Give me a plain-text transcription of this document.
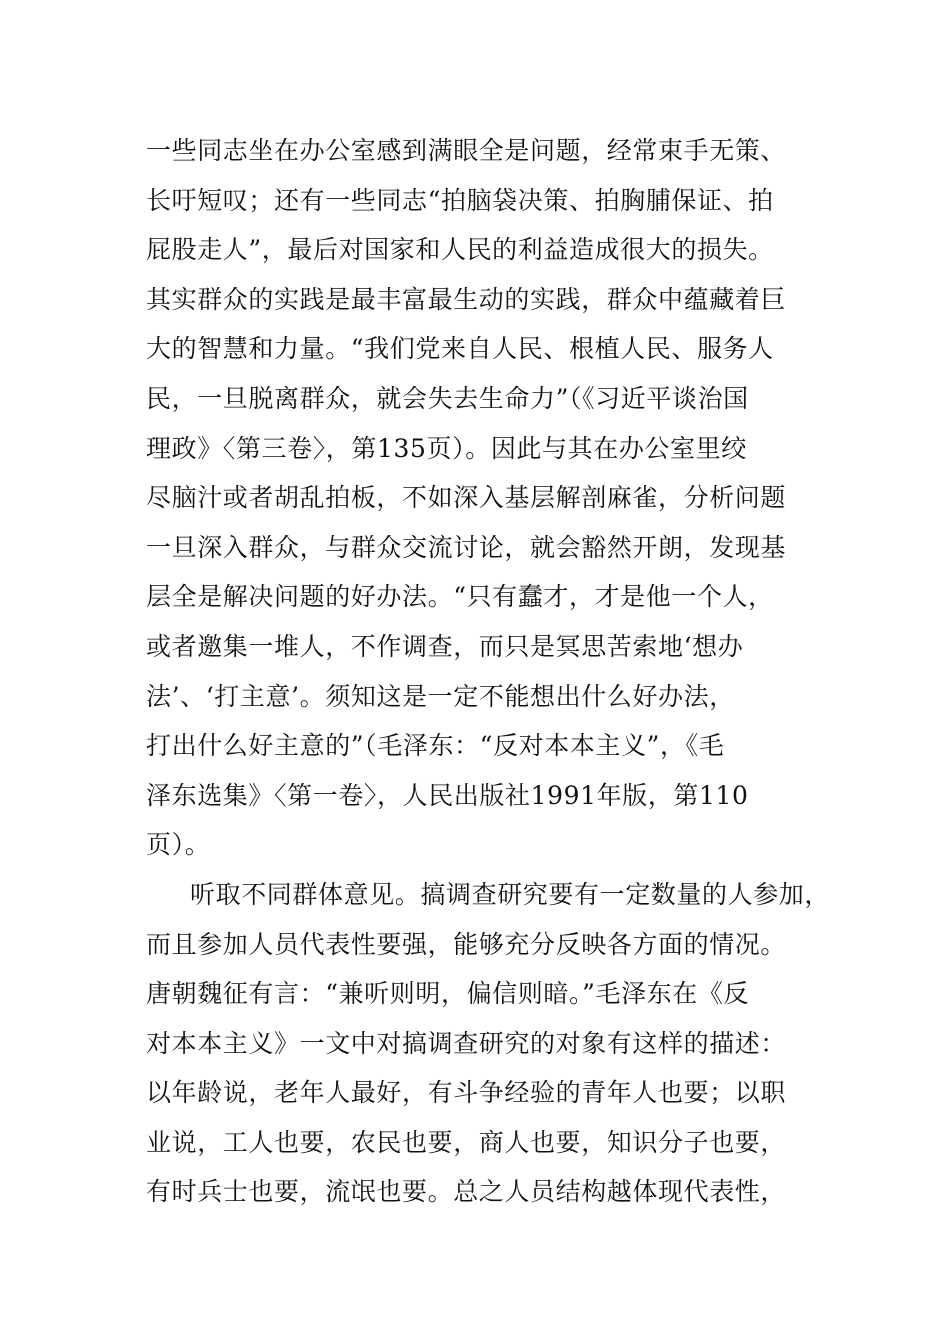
一些同志坐在办公室感到满眼全是问题，经常束手无策、
长吁短叹；还有一些同志“拍脑袋决策、拍胸脯保证、拍
屁股走人”，最后对国家和人民的利益造成很大的损失。
其实群众的实践是最丰富最生动的实践，群众中蕴藏着巨
大的智慧和力量。“我们党来自人民、根植人民、服务人
民，一旦脱离群众，就会失去生命力”（《习近平谈治国
理政》〈第三卷〉，第135页）。因此与其在办公室里绞
尽脑汁或者胡乱拍板，不如深入基层解剖麻雀，分析问题
一旦深入群众，与群众交流讨论，就会豁然开朗，发现基
层全是解决问题的好办法。“只有蠢才，才是他一个人，
或者邀集一堆人，不作调查，而只是冥思苦索地‘想办
法’、‘打主意’。须知这是一定不能想出什么好办法，
打出什么好主意的”（毛泽东：“反对本本主义”，《毛
泽东选集》〈第一卷〉，人民出版社1991年版，第110
页）。
听取不同群体意见。搞调查研究要有一定数量的人参加，
而且参加人员代表性要强，能够充分反映各方面的情况。
唐朝魏征有言：“兼听则明，偏信则暗。”毛泽东在《反
对本本主义》一文中对搞调查研究的对象有这样的描述：
以年龄说，老年人最好，有斗争经验的青年人也要；以职
业说，工人也要，农民也要，商人也要，知识分子也要，
有时兵士也要，流氓也要。总之人员结构越体现代表性，
